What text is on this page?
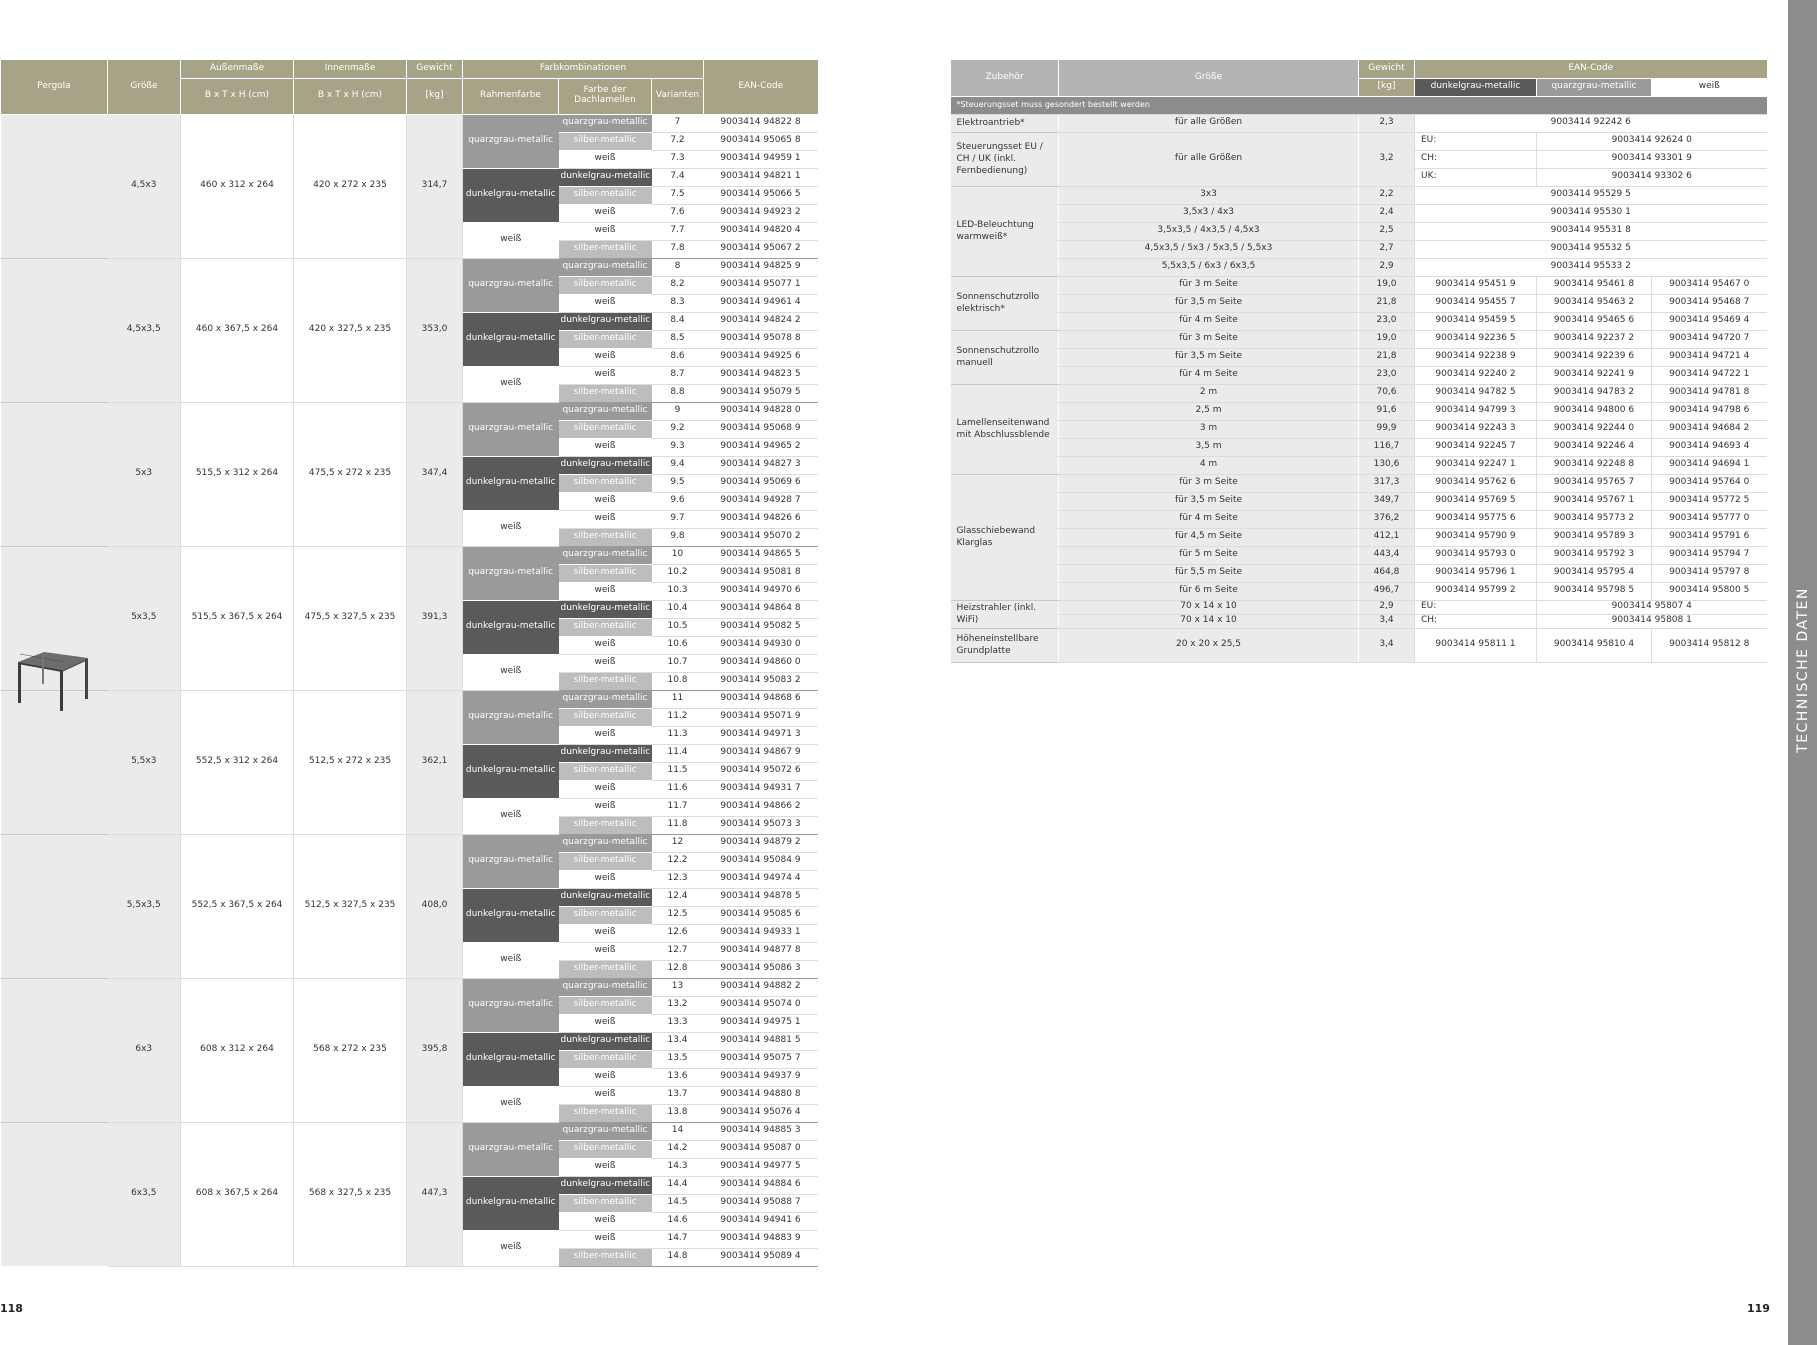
Pergola	Größe	Außenmaße	Innenmaße	Gewicht	Farbkombinationen			EAN-Code
		B x T x H (cm)	B x T x H (cm)	[kg]	Rahmenfarbe	Farbe der Dachlamellen	Varianten	
	4,5x3	460 x 312 x 264	420 x 272 x 235	314,7	quarzgrau-metallic	quarzgrau-metallic	7	9003414 94822 8
						silber-metallic	7.2	9003414 95065 8
						weiß	7.3	9003414 94959 1
					dunkelgrau-metallic	dunkelgrau-metallic	7.4	9003414 94821 1
						silber-metallic	7.5	9003414 95066 5
						weiß	7.6	9003414 94923 2
					weiß	weiß	7.7	9003414 94820 4
						silber-metallic	7.8	9003414 95067 2
	4,5x3,5	460 x 367,5 x 264	420 x 327,5 x 235	353,0	quarzgrau-metallic	quarzgrau-metallic	8	9003414 94825 9
						silber-metallic	8.2	9003414 95077 1
						weiß	8.3	9003414 94961 4
					dunkelgrau-metallic	dunkelgrau-metallic	8.4	9003414 94824 2
						silber-metallic	8.5	9003414 95078 8
						weiß	8.6	9003414 94925 6
					weiß	weiß	8.7	9003414 94823 5
						silber-metallic	8.8	9003414 95079 5
	5x3	515,5 x 312 x 264	475,5 x 272 x 235	347,4	quarzgrau-metallic	quarzgrau-metallic	9	9003414 94828 0
						silber-metallic	9.2	9003414 95068 9
						weiß	9.3	9003414 94965 2
					dunkelgrau-metallic	dunkelgrau-metallic	9.4	9003414 94827 3
						silber-metallic	9.5	9003414 95069 6
						weiß	9.6	9003414 94928 7
					weiß	weiß	9.7	9003414 94826 6
						silber-metallic	9.8	9003414 95070 2
	5x3,5	515,5 x 367,5 x 264	475,5 x 327,5 x 235	391,3	quarzgrau-metallic	quarzgrau-metallic	10	9003414 94865 5
						silber-metallic	10.2	9003414 95081 8
						weiß	10.3	9003414 94970 6
					dunkelgrau-metallic	dunkelgrau-metallic	10.4	9003414 94864 8
						silber-metallic	10.5	9003414 95082 5
						weiß	10.6	9003414 94930 0
					weiß	weiß	10.7	9003414 94860 0
						silber-metallic	10.8	9003414 95083 2
	5,5x3	552,5 x 312 x 264	512,5 x 272 x 235	362,1	quarzgrau-metallic	quarzgrau-metallic	11	9003414 94868 6
						silber-metallic	11.2	9003414 95071 9
						weiß	11.3	9003414 94971 3
					dunkelgrau-metallic	dunkelgrau-metallic	11.4	9003414 94867 9
						silber-metallic	11.5	9003414 95072 6
						weiß	11.6	9003414 94931 7
					weiß	weiß	11.7	9003414 94866 2
						silber-metallic	11.8	9003414 95073 3
	5,5x3,5	552,5 x 367,5 x 264	512,5 x 327,5 x 235	408,0	quarzgrau-metallic	quarzgrau-metallic	12	9003414 94879 2
						silber-metallic	12.2	9003414 95084 9
						weiß	12.3	9003414 94974 4
					dunkelgrau-metallic	dunkelgrau-metallic	12.4	9003414 94878 5
						silber-metallic	12.5	9003414 95085 6
						weiß	12.6	9003414 94933 1
					weiß	weiß	12.7	9003414 94877 8
						silber-metallic	12.8	9003414 95086 3
	6x3	608 x 312 x 264	568 x 272 x 235	395,8	quarzgrau-metallic	quarzgrau-metallic	13	9003414 94882 2
						silber-metallic	13.2	9003414 95074 0
						weiß	13.3	9003414 94975 1
					dunkelgrau-metallic	dunkelgrau-metallic	13.4	9003414 94881 5
						silber-metallic	13.5	9003414 95075 7
						weiß	13.6	9003414 94937 9
					weiß	weiß	13.7	9003414 94880 8
						silber-metallic	13.8	9003414 95076 4
	6x3,5	608 x 367,5 x 264	568 x 327,5 x 235	447,3	quarzgrau-metallic	quarzgrau-metallic	14	9003414 94885 3
						silber-metallic	14.2	9003414 95087 0
						weiß	14.3	9003414 94977 5
					dunkelgrau-metallic	dunkelgrau-metallic	14.4	9003414 94884 6
						silber-metallic	14.5	9003414 95088 7
						weiß	14.6	9003414 94941 6
					weiß	weiß	14.7	9003414 94883 9
						silber-metallic	14.8	9003414 95089 4
Zubehör	Größe	Gewicht	EAN-Code		
		[kg]	dunkelgrau-metallic	quarzgrau-metallic	weiß
*Steuerungsset muss gesondert bestellt werden					
Elektroantrieb*	für alle Größen	2,3	9003414 92242 6		
Steuerungsset EU / CH / UK (inkl. Fernbedienung)	für alle Größen	3,2	EU:	9003414 92624 0	
			CH:	9003414 93301 9	
			UK:	9003414 93302 6	
LED-Beleuchtung warmweiß*	3x3	2,2	9003414 95529 5		
	3,5x3 / 4x3	2,4	9003414 95530 1		
	3,5x3,5 / 4x3,5 / 4,5x3	2,5	9003414 95531 8		
	4,5x3,5 / 5x3 / 5x3,5 / 5,5x3	2,7	9003414 95532 5		
	5,5x3,5 / 6x3 / 6x3,5	2,9	9003414 95533 2		
Sonnenschutzrollo elektrisch*	für 3 m Seite	19,0	9003414 95451 9	9003414 95461 8	9003414 95467 0
	für 3,5 m Seite	21,8	9003414 95455 7	9003414 95463 2	9003414 95468 7
	für 4 m Seite	23,0	9003414 95459 5	9003414 95465 6	9003414 95469 4
Sonnenschutzrollo manuell	für 3 m Seite	19,0	9003414 92236 5	9003414 92237 2	9003414 94720 7
	für 3,5 m Seite	21,8	9003414 92238 9	9003414 92239 6	9003414 94721 4
	für 4 m Seite	23,0	9003414 92240 2	9003414 92241 9	9003414 94722 1
Lamellenseitenwand mit Abschlussblende	2 m	70,6	9003414 94782 5	9003414 94783 2	9003414 94781 8
	2,5 m	91,6	9003414 94799 3	9003414 94800 6	9003414 94798 6
	3 m	99,9	9003414 92243 3	9003414 92244 0	9003414 94684 2
	3,5 m	116,7	9003414 92245 7	9003414 92246 4	9003414 94693 4
	4 m	130,6	9003414 92247 1	9003414 92248 8	9003414 94694 1
Glasschiebewand Klarglas	für 3 m Seite	317,3	9003414 95762 6	9003414 95765 7	9003414 95764 0
	für 3,5 m Seite	349,7	9003414 95769 5	9003414 95767 1	9003414 95772 5
	für 4 m Seite	376,2	9003414 95775 6	9003414 95773 2	9003414 95777 0
	für 4,5 m Seite	412,1	9003414 95790 9	9003414 95789 3	9003414 95791 6
	für 5 m Seite	443,4	9003414 95793 0	9003414 95792 3	9003414 95794 7
	für 5,5 m Seite	464,8	9003414 95796 1	9003414 95795 4	9003414 95797 8
	für 6 m Seite	496,7	9003414 95799 2	9003414 95798 5	9003414 95800 5
Heizstrahler (inkl. WiFi)	70 x 14 x 10	2,9	EU:	9003414 95807 4	
	70 x 14 x 10	3,4	CH:	9003414 95808 1	
Höheneinstellbare Grundplatte	20 x 20 x 25,5	3,4	9003414 95811 1	9003414 95810 4	9003414 95812 8
118	119
TECHNISCHE DATEN
